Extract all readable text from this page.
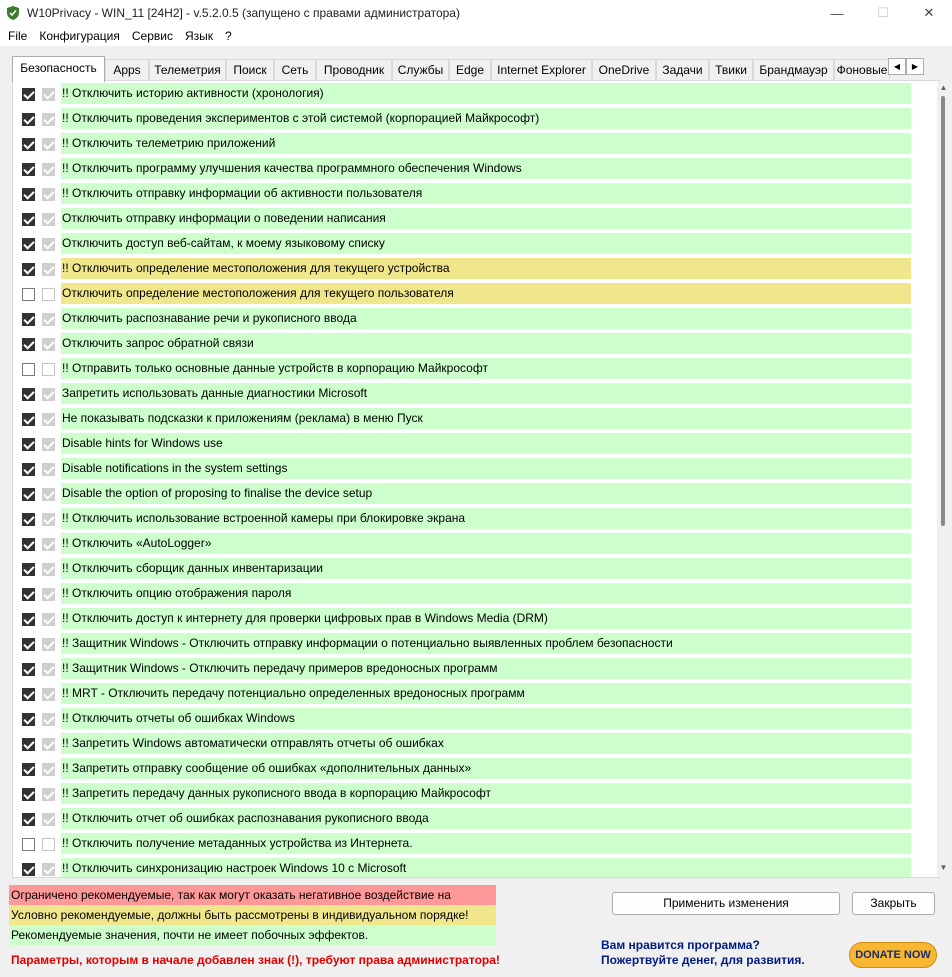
W10Privacy - WIN_11 [24H2] - v.5.2.0.5 (запущено с правами администратора)	—	☐	✕
File	Конфигурация	Сервис	Язык	?
Безопасность	Apps	Телеметрия	Поиск	Сеть	Проводник	Службы	Edge	Internet Explorer	OneDrive	Задачи	Твики	Брандмауэр Фоновые ◀	▶
!! Отключить историю активности (хронология)
!! Отключить проведения экспериментов с этой системой (корпорацией Майкрософт)
!! Отключить телеметрию приложений
!! Отключить программу улучшения качества программного обеспечения Windows
!! Отключить отправку информации об активности пользователя
Отключить отправку информации о поведении написания
Отключить доступ веб-сайтам, к моему языковому списку
!! Отключить определение местоположения для текущего устройства
Отключить определение местоположения для текущего пользователя
Отключить распознавание речи и рукописного ввода
Отключить запрос обратной связи
!! Отправить только основные данные устройств в корпорацию Майкрософт
Запретить использовать данные диагностики Microsoft
Не показывать подсказки к приложениям (реклама) в меню Пуск
Disable hints for Windows use
Disable notifications in the system settings
Disable the option of proposing to finalise the device setup
!! Отключить использование встроенной камеры при блокировке экрана
!! Отключить «AutoLogger»
!! Отключить сборщик данных инвентаризации
!! Отключить опцию отображения пароля
!! Отключить доступ к интернету для проверки цифровых прав в Windows Media (DRM)
!! Защитник Windows - Отключить отправку информации о потенциально выявленных проблем безопасности
!! Защитник Windows - Отключить передачу примеров вредоносных программ
!! MRT - Отключить передачу потенциально определенных вредоносных программ
!! Отключить отчеты об ошибках Windows
!! Запретить Windows автоматически отправлять отчеты об ошибках
!! Запретить отправку сообщение об ошибках «дополнительных данных»
!! Запретить передачу данных рукописного ввода в корпорацию Майкрософт
!! Отключить отчет об ошибках распознавания рукописного ввода
!! Отключить получение метаданных устройства из Интернета.
!! Отключить синхронизацию настроек Windows 10 с Microsoft
▲
▼
Ограничено рекомендуемые, так как могут оказать негативное воздействие на
Условно рекомендуемые, должны быть рассмотрены в индивидуальном порядке!
Рекомендуемые значения, почти не имеет побочных эффектов.
Параметры, которым в начале добавлен знак (!), требуют права администратора!
Применить изменения	Закрыть
Вам нравится программа?
Пожертвуйте денег, для развития.	DONATE NOW
